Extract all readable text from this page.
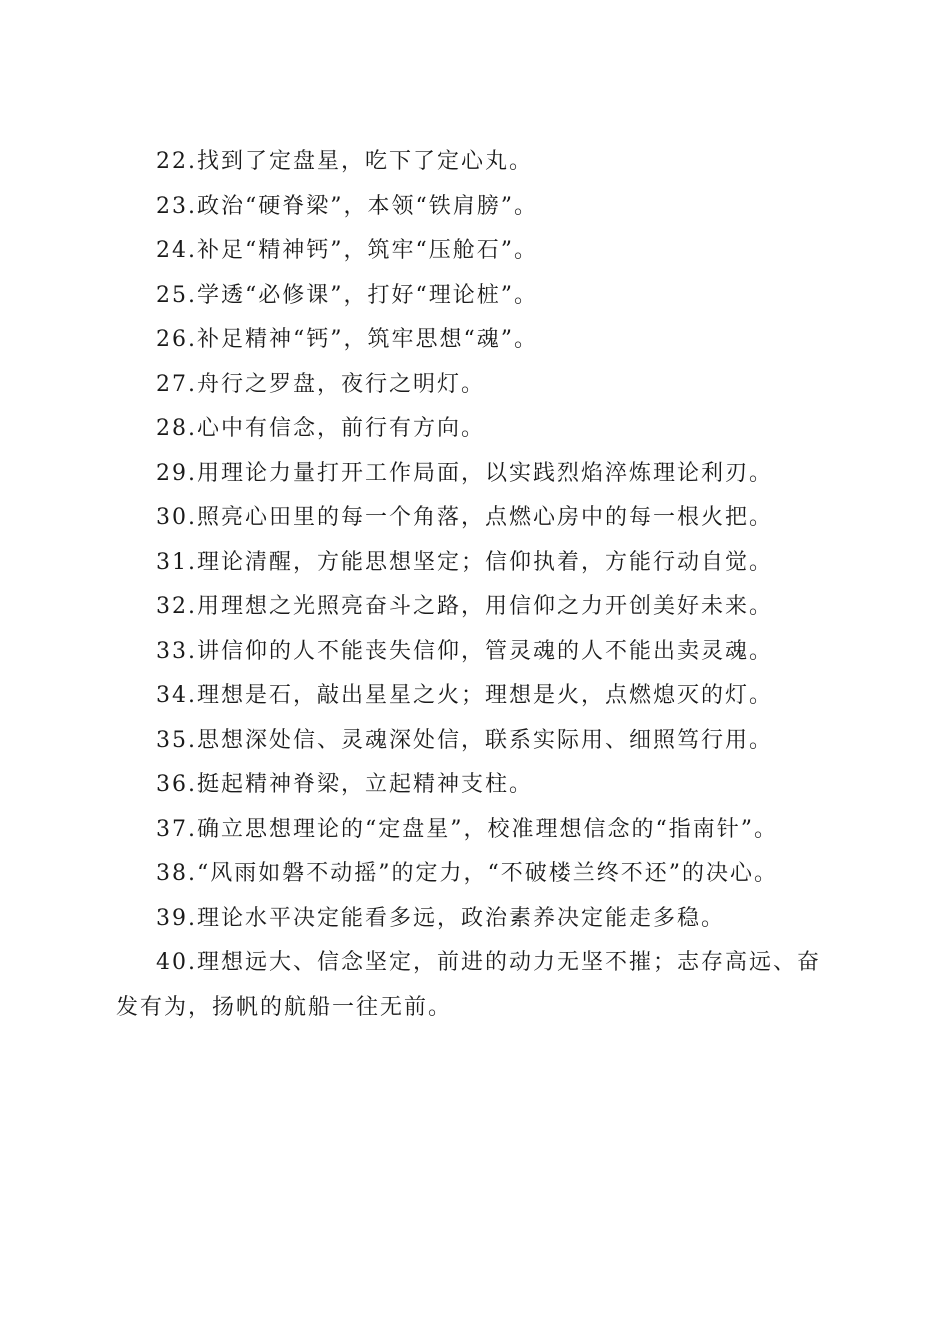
22.找到了定盘星，吃下了定心丸。

23.政治“硬脊梁”，本领“铁肩膀”。

24.补足“精神钙”，筑牢“压舱石”。

25.学透“必修课”，打好“理论桩”。

26.补足精神“钙”，筑牢思想“魂”。

27.舟行之罗盘，夜行之明灯。

28.心中有信念，前行有方向。

29.用理论力量打开工作局面，以实践烈焰淬炼理论利刃。

30.照亮心田里的每一个角落，点燃心房中的每一根火把。

31.理论清醒，方能思想坚定；信仰执着，方能行动自觉。

32.用理想之光照亮奋斗之路，用信仰之力开创美好未来。

33.讲信仰的人不能丧失信仰，管灵魂的人不能出卖灵魂。

34.理想是石，敲出星星之火；理想是火，点燃熄灭的灯。

35.思想深处信、灵魂深处信，联系实际用、细照笃行用。

36.挺起精神脊梁，立起精神支柱。

37.确立思想理论的“定盘星”，校准理想信念的“指南针”。

38.“风雨如磐不动摇”的定力，“不破楼兰终不还”的决心。

39.理论水平决定能看多远，政治素养决定能走多稳。

40.理想远大、信念坚定，前进的动力无坚不摧；志存高远、奋发有为，扬帆的航船一往无前。
